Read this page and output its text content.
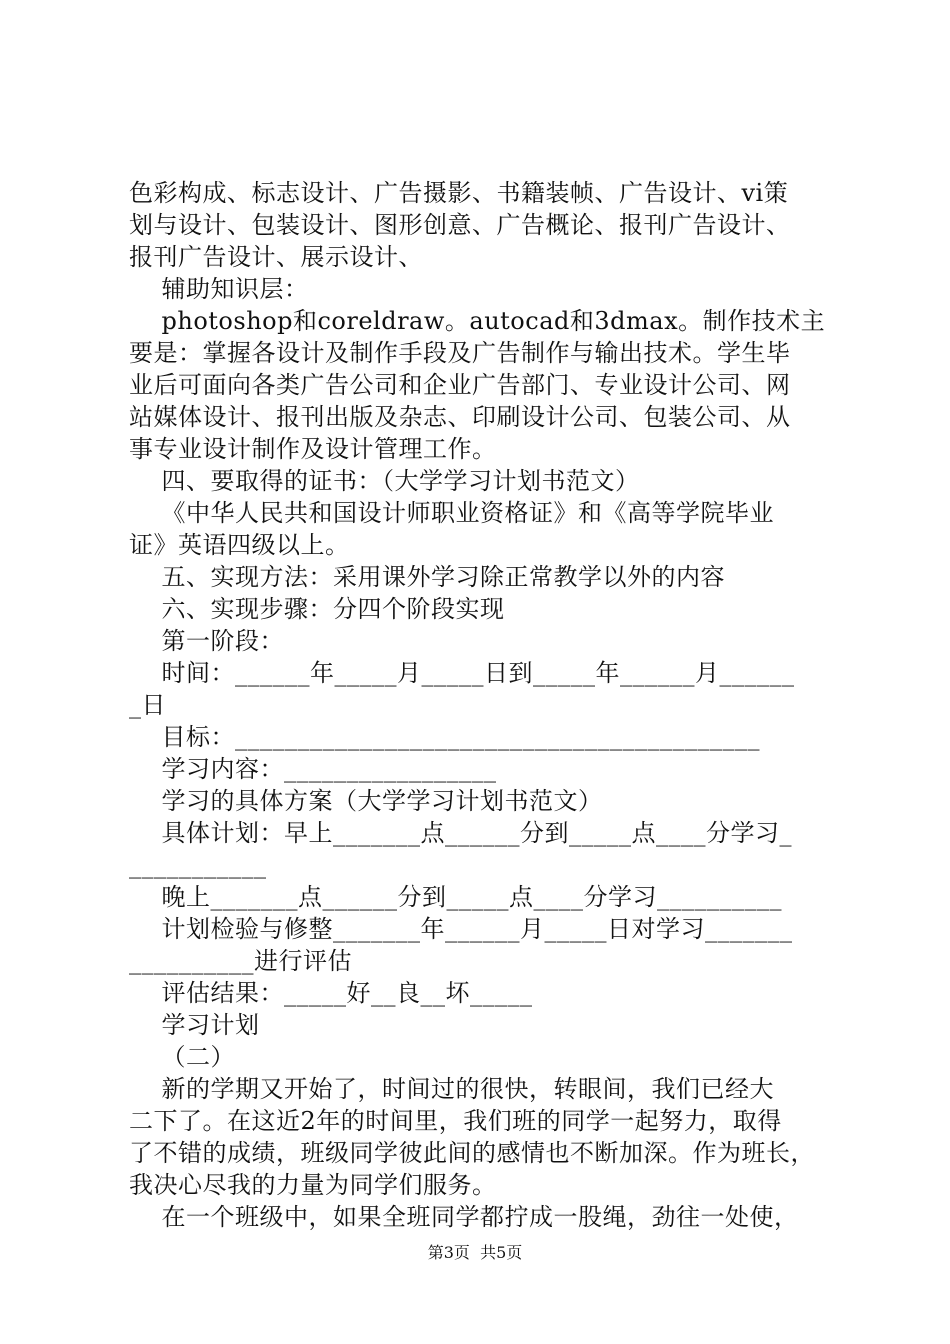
色彩构成、标志设计、广告摄影、书籍装帧、广告设计、vi策
划与设计、包装设计、图形创意、广告概论、报刊广告设计、
报刊广告设计、展示设计、
辅助知识层：
photoshop和coreldraw。autocad和3dmax。制作技术主
要是：掌握各设计及制作手段及广告制作与输出技术。学生毕
业后可面向各类广告公司和企业广告部门、专业设计公司、网
站媒体设计、报刊出版及杂志、印刷设计公司、包装公司、从
事专业设计制作及设计管理工作。
四、要取得的证书：（大学学习计划书范文）
《中华人民共和国设计师职业资格证》和《高等学院毕业
证》英语四级以上。
五、实现方法：采用课外学习除正常教学以外的内容
六、实现步骤：分四个阶段实现
第一阶段：
时间：______年_____月_____日到_____年______月______
_日
目标：__________________________________________
学习内容：_________________
学习的具体方案（大学学习计划书范文）
具体计划：早上_______点______分到_____点____分学习_
___________
晚上_______点______分到_____点____分学习__________
计划检验与修整_______年______月_____日对学习_______
__________进行评估
评估结果：_____好__良__坏_____
学习计划
（二）
新的学期又开始了，时间过的很快，转眼间，我们已经大
二下了。在这近2年的时间里，我们班的同学一起努力，取得
了不错的成绩，班级同学彼此间的感情也不断加深。作为班长，
我决心尽我的力量为同学们服务。
在一个班级中，如果全班同学都拧成一股绳，劲往一处使，
第3页  共5页
